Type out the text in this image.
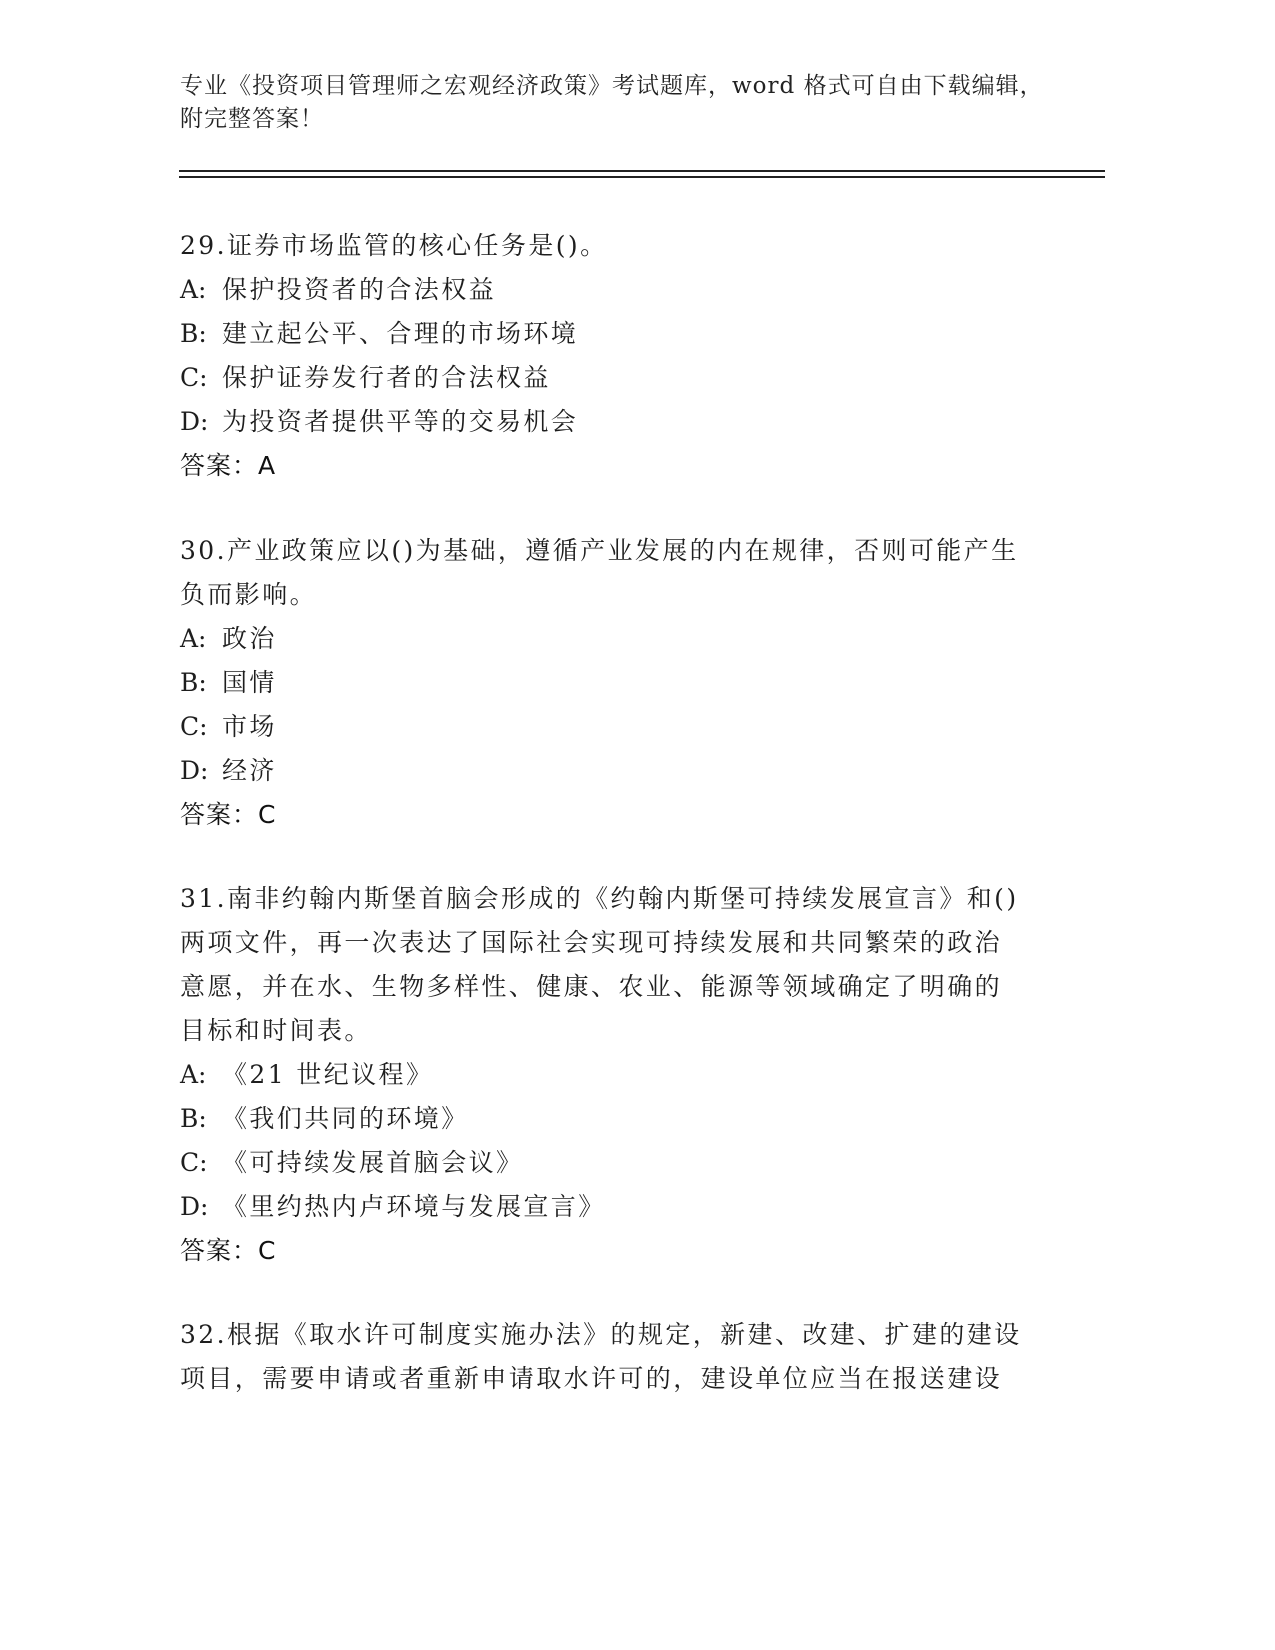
专业《投资项目管理师之宏观经济政策》考试题库，word 格式可自由下载编辑，
附完整答案！
29.证券市场监管的核心任务是()。
A: 保护投资者的合法权益
B: 建立起公平、合理的市场环境
C: 保护证券发行者的合法权益
D: 为投资者提供平等的交易机会
答案：A
30.产业政策应以()为基础，遵循产业发展的内在规律，否则可能产生
负而影响。
A: 政治
B: 国情
C: 市场
D: 经济
答案：C
31.南非约翰内斯堡首脑会形成的《约翰内斯堡可持续发展宣言》和()
两项文件，再一次表达了国际社会实现可持续发展和共同繁荣的政治
意愿，并在水、生物多样性、健康、农业、能源等领域确定了明确的
目标和时间表。
A: 《21 世纪议程》
B: 《我们共同的环境》
C: 《可持续发展首脑会议》
D: 《里约热内卢环境与发展宣言》
答案：C
32.根据《取水许可制度实施办法》的规定，新建、改建、扩建的建设
项目，需要申请或者重新申请取水许可的，建设单位应当在报送建设
